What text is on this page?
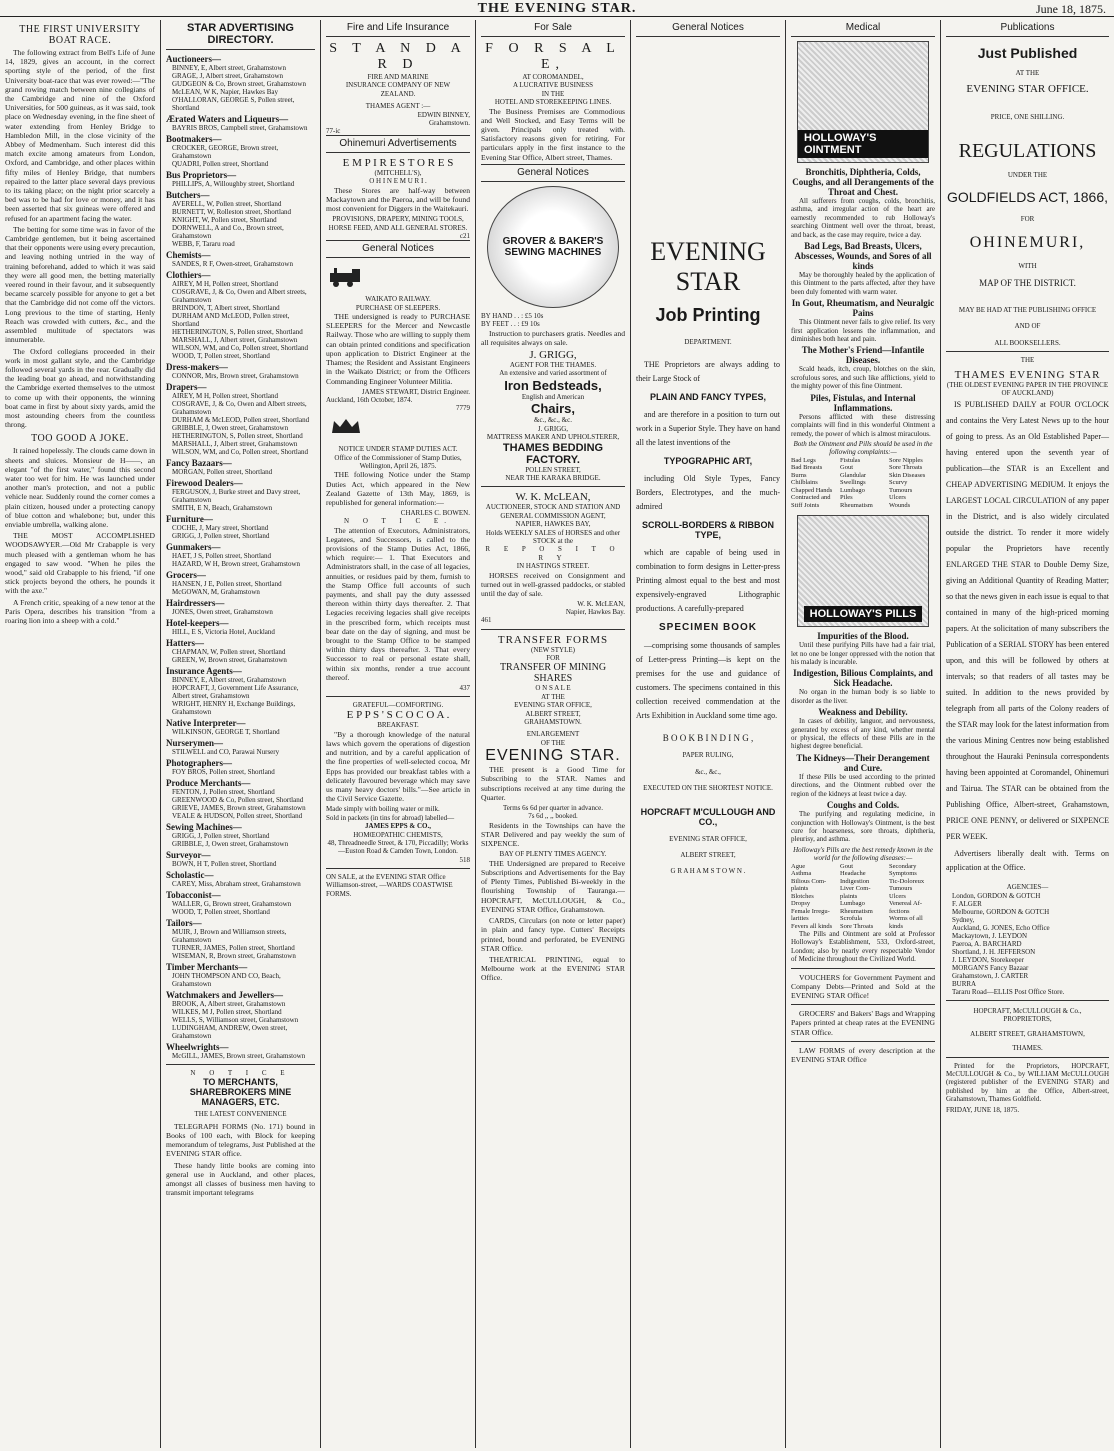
THE EVENING STAR.	June 18, 1875.
THE FIRST UNIVERSITY BOAT RACE.
The following extract from Bell's Life of June 14, 1829, gives an account, in the correct sporting style of the period, of the first University boat-race that was ever rowed:—"The grand rowing match between nine collegians of the Cambridge and nine of the Oxford Universities, for 500 guineas, as it was said, took place on Wednesday evening, in the fine sheet of water extending from Henley Bridge to Hambledon Mill, in the close vicinity of the Abbey of Medmenham. Such interest did this match excite among amateurs from London, Oxford, and Cambridge, and other places within fifty miles of Henley Bridge, that numbers repaired to the latter place several days previous to its taking place; on the night prior scarcely a bed was to be had for love or money, and it has been asserted that six guineas were offered and refused for an apartment facing the water.
The betting for some time was in favor of the Cambridge gentlemen, but it being ascertained that their opponents were using every precaution, and leaving nothing untried in the way of training beforehand, added to which it was said they were all good men, the betting materially veered round in their favour, and it subsequently became scarcely possible for anyone to get a bet that the Cambridge did not come off the victors. Long previous to the time of starting, Henly Reach was crowded with cutters, &c., and the assembled multitude of spectators was innumerable.
The Oxford collegians proceeded in their work in most gallant style, and the Cambridge followed several yards in the rear. Gradually did the leading boat go ahead, and notwithstanding the Cambridge exerted themselves to the utmost to come up with their opponents, the winning boat came in first by about sixty yards, amid the most astounding cheers from the countless throng.
TOO GOOD A JOKE.
It rained hopelessly. The clouds came down in sheets and sluices. Monsieur de H——, an elegant "of the first water," found this second water too wet for him. He was launched under another man's protection, and not a public vehicle near. Suddenly round the corner comes a plain citizen, housed under a protecting canopy of blue cotton and whalebone; but, under this enviable umbrella, walking alone.
THE MOST ACCOMPLISHED WOODSAWYER.—Old Mr Crabapple is very much pleased with a gentleman whom he has engaged to saw wood. "When he piles the wood," said old Crabapple to his friend, "if one stick projects beyond the others, he pounds it with the axe."
A French critic, speaking of a new tenor at the Paris Opera, describes his transition "from a roaring lion into a sheep with a cold."
STAR ADVERTISING DIRECTORY.
Auctioneers—
BINNEY, E, Albert street, Grahamstown
GRAGE, J, Albert street, Grahamstown
GUDGEON & Co, Brown street, Grahamstown
McLEAN, W K, Napier, Hawkes Bay
O'HALLORAN, GEORGE S, Pollen street, Shortland
Ærated Waters and Liqueurs—
BAYRIS BROS, Campbell street, Grahamstown
Bootmakers—
CROCKER, GEORGE, Brown street, Grahamstown
QUADRI, Pollen street, Shortland
Bus Proprietors—
PHILLIPS, A, Willoughby street, Shortland
Butchers—
AVERELL, W, Pollen street, Shortland
BURNETT, W, Rolleston street, Shortland
KNIGHT, W, Pollen street, Shortland
DORNWELL, A and Co., Brown street, Grahamstown
WEBB, F, Tararu road
Chemists—
SANDES, R F, Owen-street, Grahamstown
Clothiers—
AIREY, M H, Pollen street, Shortland
COSGRAVE, J, & Co, Owen and Albert streets, Grahamstown
BRINDON, T, Albert street, Shortland
DURHAM AND McLEOD, Pollen street, Shortland
HETHERINGTON, S, Pollen street, Shortland
MARSHALL, J, Albert street, Grahamstown
WILSON, WM, and Co, Pollen street, Shortland
WOOD, T, Pollen street, Shortland
Dress-makers—
CONNOR, Mrs, Brown street, Grahamstown
Drapers—
AIREY, M H, Pollen street, Shortland
COSGRAVE, J, & Co, Owen and Albert streets, Grahamstown
DURHAM & McLEOD, Pollen street, Shortland
GRIBBLE, J, Owen street, Grahamstown
HETHERINGTON, S, Pollen street, Shortland
MARSHALL, J, Albert street, Grahamstown
WILSON, WM, and Co, Pollen street, Shortland
Fancy Bazaars—
MORGAN, Pollen street, Shortland
Firewood Dealers—
FERGUSON, J, Burke street and Davy street, Grahamstown
SMITH, E N, Beach, Grahamstown
Furniture—
COCHE, J, Mary street, Shortland
GRIGG, J, Pollen street, Shortland
Gunmakers—
HAET, J S, Pollen street, Shortland
HAZARD, W H, Brown street, Grahamstown
Grocers—
HANSEN, J E, Pollen street, Shortland
McGOWAN, M, Grahamstown
Hairdressers—
JONES, Owen street, Grahamstown
Hotel-keepers—
HILL, E S, Victoria Hotel, Auckland
Hatters—
CHAPMAN, W, Pollen street, Shortland
GREEN, W, Brown street, Grahamstown
Insurance Agents—
BINNEY, E, Albert street, Grahamstown
HOPCRAFT, J, Government Life Assurance, Albert street, Grahamstown
WRIGHT, HENRY H, Exchange Buildings, Grahamstown
Native Interpreter—
WILKINSON, GEORGE T, Shortland
Nurserymen—
STILWELL and CO, Parawai Nursery
Photographers—
FOY BROS, Pollen street, Shortland
Produce Merchants—
FENTON, J, Pollen street, Shortland
GREENWOOD & Co, Pollen street, Shortland
GRIEVE, JAMES, Brown street, Grahamstown
VEALE & HUDSON, Pollen street, Shortland
Sewing Machines—
GRIGG, J, Pollen street, Shortland
GRIBBLE, J, Owen street, Grahamstown
Surveyor—
BOWN, H T, Pollen street, Shortland
Scholastic—
CAREY, Miss, Abraham street, Grahamstown
Tobacconist—
WALLER, G, Brown street, Grahamstown
WOOD, T, Pollen street, Shortland
Tailors—
MUIR, J, Brown and Williamson streets, Grahamstown
TURNER, JAMES, Pollen street, Shortland
WISEMAN, R, Brown street, Grahamstown
Timber Merchants—
JOHN THOMPSON AND CO, Beach, Grahamstown
Watchmakers and Jewellers—
BROOK, A, Albert street, Grahamstown
WILKES, M J, Pollen street, Shortland
WELLS, S, Williamson street, Grahamstown
LUDINGHAM, ANDREW, Owen street, Grahamstown
Wheelwrights—
McGILL, JAMES, Brown street, Grahamstown
N O T I C E
TO MERCHANTS, SHAREBROKERS MINE MANAGERS, ETC.
THE LATEST CONVENIENCE
TELEGRAPH FORMS (No. 171) bound in Books of 100 each, with Block for keeping memorandum of telegrams, Just Published at the EVENING STAR office.
These handy little books are coming into general use in Auckland, and other places, amongst all classes of business men having to transmit important telegrams
Fire and Life Insurance
S T A N D A R D
FIRE AND MARINE
INSURANCE COMPANY OF NEW
ZEALAND.
THAMES AGENT :—
EDWIN BINNEY,
Grahamstown.
77-ic
Ohinemuri Advertisements
E M P I R E S T O R E S
(MITCHELL'S),
O H I N E M U R I .
These Stores are half-way between Mackaytown and the Paeroa, and will be found most convenient for Diggers in the Waitekauri.
PROVISIONS, DRAPERY, MINING TOOLS, HORSE FEED, AND ALL GENERAL STORES.
c21
General Notices
WAIKATO RAILWAY.
PURCHASE OF SLEEPERS.
THE undersigned is ready to PURCHASE SLEEPERS for the Mercer and Newcastle Railway. Those who are willing to supply them can obtain printed conditions and specification upon application to District Engineer at the Thames; the Resident and Assistant Engineers in the Waikato District; or from the Officers Commanding Engineer Volunteer Militia.
JAMES STEWART, District Engineer.
Auckland, 16th October, 1874.
7779
NOTICE UNDER STAMP DUTIES ACT.
Office of the Commissioner of Stamp Duties, Wellington, April 26, 1875.
THE following Notice under the Stamp Duties Act, which appeared in the New Zealand Gazette of 13th May, 1869, is republished for general information:—
CHARLES C. BOWEN.
N O T I C E.
The attention of Executors, Administrators, Legatees, and Successors, is called to the provisions of the Stamp Duties Act, 1866, which require:— 1. That Executors and Administrators shall, in the case of all legacies, annuities, or residues paid by them, furnish to the Stamp Office full accounts of such payments, and shall pay the duty assessed thereon within thirty days thereafter. 2. That Legacies receiving legacies shall give receipts in the prescribed form, which receipts must bear date on the day of signing, and must be brought to the Stamp Office to be stamped within thirty days thereafter. 3. That every Successor to real or personal estate shall, within six months, render a true account thereof.
437
GRATEFUL—COMFORTING.
E P P S ' S C O C O A .
BREAKFAST.
"By a thorough knowledge of the natural laws which govern the operations of digestion and nutrition, and by a careful application of the fine properties of well-selected cocoa, Mr Epps has provided our breakfast tables with a delicately flavoured beverage which may save us many heavy doctors' bills."—See article in the Civil Service Gazette.
Made simply with boiling water or milk.
Sold in packets (in tins for abroad) labelled—
JAMES EPPS & CO.,
HOMŒOPATHIC CHEMISTS,
48, Threadneedle Street, & 170, Piccadilly; Works—Euston Road & Camden Town, London.
518
ON SALE, at the EVENING STAR Office Williamson-street, —WARDS COASTWISE FORMS.
For Sale
F O R S A L E,
AT COROMANDEL,
A LUCRATIVE BUSINESS
IN THE
HOTEL AND STOREKEEPING LINES.
The Business Premises are Commodious and Well Stocked, and Easy Terms will be given. Principals only treated with. Satisfactory reasons given for retiring. For particulars apply in the first instance to the Evening Star Office, Albert street, Thames.
General Notices
GROVER & BAKER'S SEWING MACHINES
BY HAND . . : £5 10s
BY FEET . . : £9 10s
Instruction to purchasers gratis. Needles and all requisites always on sale.
J. GRIGG,
AGENT FOR THE THAMES.
An extensive and varied assortment of
Iron Bedsteads,
English and American
Chairs,
&c., &c., &c.
J. GRIGG,
MATTRESS MAKER AND UPHOLSTERER,
THAMES BEDDING FACTORY.
POLLEN STREET,
NEAR THE KARAKA BRIDGE.
W. K. McLEAN,
AUCTIONEER, STOCK AND STATION AND
GENERAL COMMISSION AGENT,
NAPIER, HAWKES BAY,
Holds WEEKLY SALES of HORSES and other STOCK at the
R E P O S I T O R Y
IN HASTINGS STREET.
HORSES received on Consignment and turned out in well-grassed paddocks, or stabled until the day of sale.
W. K. McLEAN,
Napier, Hawkes Bay.
461
TRANSFER FORMS
(NEW STYLE)
FOR
TRANSFER OF MINING
SHARES
O N S A L E
AT THE
EVENING STAR OFFICE,
ALBERT STREET,
GRAHAMSTOWN.
ENLARGEMENT
OF THE
EVENING STAR.
THE present is a Good Time for Subscribing to the STAR. Names and subscriptions received at any time during the Quarter.
Terms 6s 6d per quarter in advance.
7s 6d ,, ,, booked.
Residents in the Townships can have the STAR Delivered and pay weekly the sum of SIXPENCE.
BAY OF PLENTY TIMES AGENCY.
THE Undersigned are prepared to Receive Subscriptions and Advertisements for the Bay of Plenty Times, Published Bi-weekly in the flourishing Township of Tauranga.— HOPCRAFT, McCULLOUGH, & Co., EVENING STAR Office, Grahamstown.
CARDS, Circulars (on note or letter paper) in plain and fancy type. Cutters' Receipts printed, bound and perforated, be EVENING STAR Office.
THEATRICAL PRINTING, equal to Melbourne work at the EVENING STAR Office.
General Notices
EVENING STAR
Job Printing
DEPARTMENT.
THE Proprietors are always adding to their Large Stock of
PLAIN AND FANCY TYPES,
and are therefore in a position to turn out work in a Superior Style. They have on hand all the latest inventions of the
TYPOGRAPHIC ART,
including Old Style Types, Fancy Borders, Electrotypes, and the much-admired
SCROLL-BORDERS & RIBBON TYPE,
which are capable of being used in combination to form designs in Letter-press Printing almost equal to the best and most expensively-engraved Lithographic productions. A carefully-prepared
SPECIMEN BOOK
—comprising some thousands of samples of Letter-press Printing—is kept on the premises for the use and guidance of customers. The specimens contained in this collection received commendation at the Arts Exhibition in Auckland some time ago.
B O O K B I N D I N G ,
PAPER RULING,
&c., &c.,
EXECUTED ON THE SHORTEST NOTICE.
HOPCRAFT M'CULLOUGH AND CO.,
EVENING STAR OFFICE,
ALBERT STREET,
G R A H A M S T O W N .
Medical
HOLLOWAY'S OINTMENT
Bronchitis, Diphtheria, Colds, Coughs, and all Derangements of the Throat and Chest.
All sufferers from coughs, colds, bronchitis, asthma, and irregular action of the heart are earnestly recommended to rub Holloway's searching Ointment well over the throat, breast, and back, as the case may require, twice a day.
Bad Legs, Bad Breasts, Ulcers, Abscesses, Wounds, and Sores of all kinds
May be thoroughly healed by the application of this Ointment to the parts affected, after they have been duly fomented with warm water.
In Gout, Rheumatism, and Neuralgic Pains
This Ointment never fails to give relief. Its very first application lessens the inflammation, and diminishes both heat and pain.
The Mother's Friend—Infantile Diseases.
Scald heads, itch, croup, blotches on the skin, scrofulous sores, and such like afflictions, yield to the mighty power of this fine Ointment.
Piles, Fistulas, and Internal Inflammations.
Persons afflicted with these distressing complaints will find in this wonderful Ointment a remedy, the power of which is almost miraculous.
Both the Ointment and Pills should be used in the following complaints:—
Bad Legs	Fistulas	Sore Nipples
Bad Breasts	Gout	Sore Throats
Burns	Glandular	Skin Diseases
Chilblains	Swellings	Scurvy
Chapped Hands	Lumbago	Tumours
Contracted and	Piles	Ulcers
Stiff Joints	Rheumatism	Wounds
HOLLOWAY'S PILLS
Impurities of the Blood.
Until these purifying Pills have had a fair trial, let no one be longer oppressed with the notion that his malady is incurable.
Indigestion, Bilious Complaints, and Sick Headache.
No organ in the human body is so liable to disorder as the liver.
Weakness and Debility.
In cases of debility, languor, and nervousness, generated by excess of any kind, whether mental or physical, the effects of these Pills are in the highest degree beneficial.
The Kidneys—Their Derangement and Cure.
If these Pills be used according to the printed directions, and the Ointment rubbed over the region of the kidneys at least twice a day.
Coughs and Colds.
The purifying and regulating medicine, in conjunction with Holloway's Ointment, is the best cure for hoarseness, sore throats, diphtheria, pleurisy, and asthma.
Holloway's Pills are the best remedy known in the world for the following diseases:—
Ague	Gout	Secondary
Asthma	Headache	Symptoms
Bilious Com-	Indigestion	Tic-Doloreux
plaints	Liver Com-	Tumours
Blotches	plaints	Ulcers
Dropsy	Lumbago	Venereal Af-
Female Irregu-	Rheumatism	fections
larities	Scrofula	Worms of all
Fevers all kinds	Sore Throats	kinds
The Pills and Ointment are sold at Professor Holloway's Establishment, 533, Oxford-street, London; also by nearly every respectable Vendor of Medicine throughout the Civilized World.
VOUCHERS for Government Payment and Company Debts—Printed and Sold at the EVENING STAR Office!
GROCERS' and Bakers' Bags and Wrapping Papers printed at cheap rates at the EVENING STAR Office.
LAW FORMS of every description at the EVENING STAR Office
Publications
Just Published
AT THE
EVENING STAR OFFICE.
PRICE, ONE SHILLING.
REGULATIONS
UNDER THE
GOLDFIELDS ACT, 1866,
FOR
OHINEMURI,
WITH
MAP OF THE DISTRICT.
MAY BE HAD AT THE PUBLISHING OFFICE
AND OF
ALL BOOKSELLERS.
THE
THAMES EVENING STAR
(THE OLDEST EVENING PAPER IN THE PROVINCE OF AUCKLAND)
IS PUBLISHED DAILY at FOUR O'CLOCK and contains the Very Latest News up to the hour of going to press. As an Old Established Paper—having entered upon the seventh year of publication—the STAR is an Excellent and CHEAP ADVERTISING MEDIUM. It enjoys the LARGEST LOCAL CIRCULATION of any paper in the District, and is also widely circulated outside the district. To render it more widely popular the Proprietors have recently ENLARGED THE STAR to Double Demy Size, giving an Additional Quantity of Reading Matter; so that the news given in each issue is equal to that contained in many of the high-priced morning papers. At the solicitation of many subscribers the Publication of a SERIAL STORY has been entered upon, and this will be followed by others at intervals; so that readers of all tastes may be suited. In addition to the news provided by telegraph from all parts of the Colony readers of the STAR may look for the latest information from the various Mining Centres now being established throughout the Hauraki Peninsula correspondents having been appointed at Coromandel, Ohinemuri and Tairua. The STAR can be obtained from the Publishing Office, Albert-street, Grahamstown, PRICE ONE PENNY, or delivered or SIXPENCE PER WEEK.
Advertisers liberally dealt with. Terms on application at the Office.
AGENCIES—
London, GORDON & GOTCH
F. ALGER
Melbourne, GORDON & GOTCH
Sydney,
Auckland, G. JONES, Echo Office
Mackaytown, J. LEYDON
Paeroa, A. BARCHARD
Shortland, J. H. JEFFERSON
J. LEYDON, Storekeeper
MORGAN'S Fancy Bazaar
Grahamstown, J. CARTER
BURRA
Tararu Road—ELLIS Post Office Store.
HOPCRAFT, McCULLOUGH & Co.,
PROPRIETORS,
ALBERT STREET, GRAHAMSTOWN,
THAMES.
Printed for the Proprietors, HOPCRAFT, McCULLOUGH & Co., by WILLIAM McCULLOUGH (registered publisher of the EVENING STAR) and published by him at the Office, Albert-street, Grahamstown, Thames Goldfield.
FRIDAY, JUNE 18, 1875.
